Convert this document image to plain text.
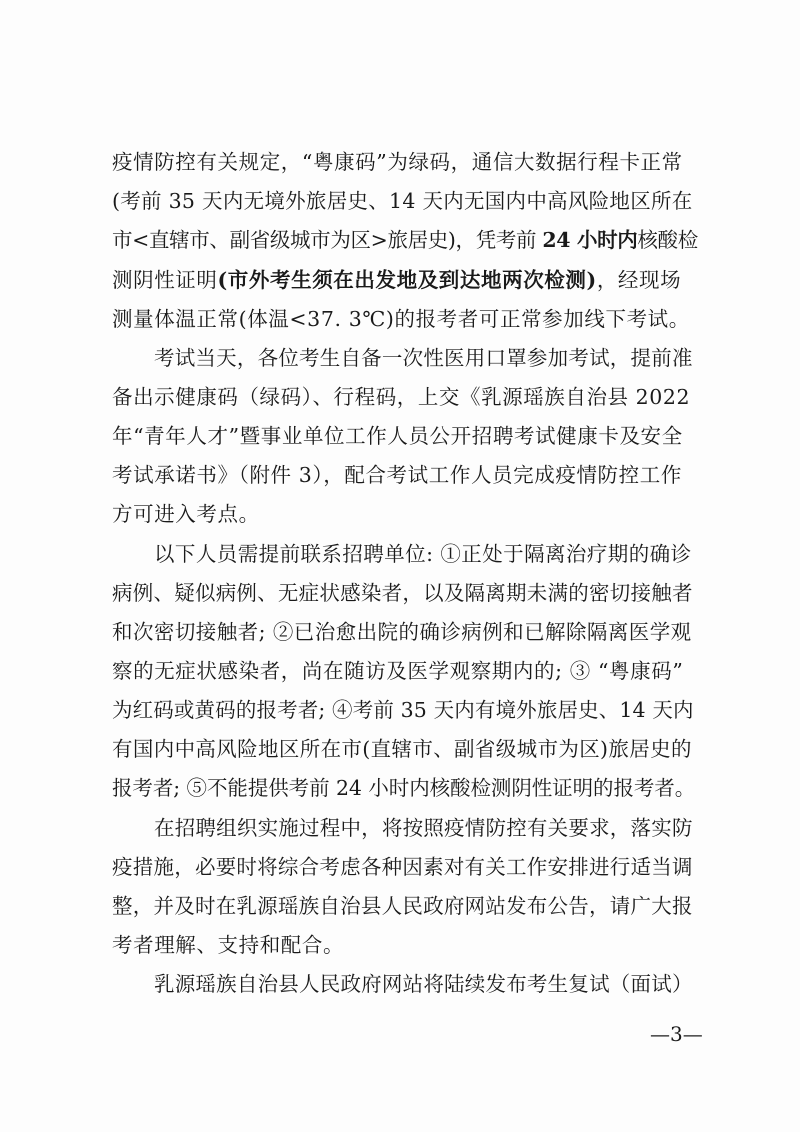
疫情防控有关规定，“粤康码”为绿码，通信大数据行程卡正常
(考前 35 天内无境外旅居史、14 天内无国内中高风险地区所在
市<直辖市、副省级城市为区>旅居史)，凭考前 24 小时内核酸检
测阴性证明(市外考生须在出发地及到达地两次检测)，经现场
测量体温正常(体温<37. 3℃)的报考者可正常参加线下考试。
考试当天，各位考生自备一次性医用口罩参加考试，提前准
备出示健康码（绿码）、行程码，上交《乳源瑶族自治县 2022
年“青年人才”暨事业单位工作人员公开招聘考试健康卡及安全
考试承诺书》（附件 3），配合考试工作人员完成疫情防控工作
方可进入考点。
以下人员需提前联系招聘单位: ①正处于隔离治疗期的确诊
病例、疑似病例、无症状感染者，以及隔离期未满的密切接触者
和次密切接触者; ②已治愈出院的确诊病例和已解除隔离医学观
察的无症状感染者，尚在随访及医学观察期内的; ③ “粤康码”
为红码或黄码的报考者; ④考前 35 天内有境外旅居史、14 天内
有国内中高风险地区所在市(直辖市、副省级城市为区)旅居史的
报考者; ⑤不能提供考前 24 小时内核酸检测阴性证明的报考者。
在招聘组织实施过程中，将按照疫情防控有关要求，落实防
疫措施，必要时将综合考虑各种因素对有关工作安排进行适当调
整，并及时在乳源瑶族自治县人民政府网站发布公告，请广大报
考者理解、支持和配合。
乳源瑶族自治县人民政府网站将陆续发布考生复试（面试）
—3—
